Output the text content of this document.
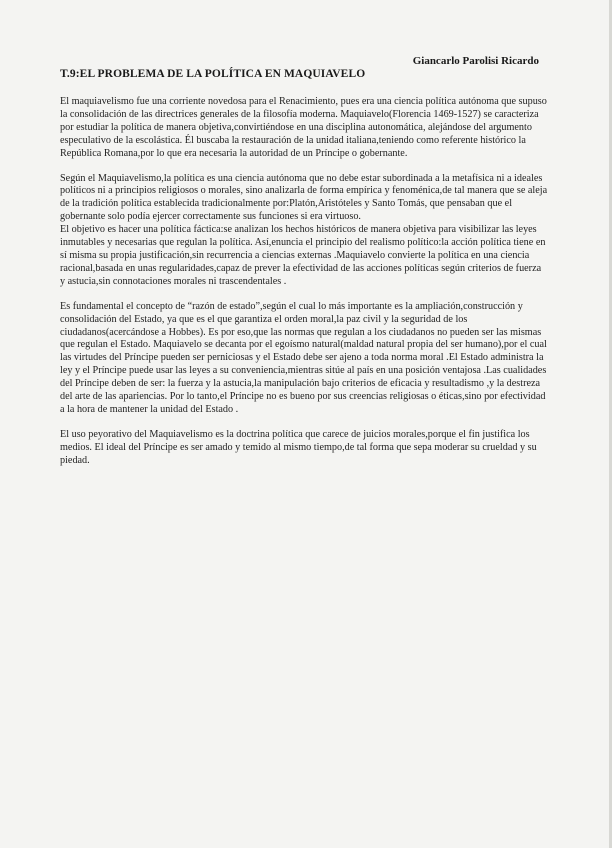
Giancarlo Parolisi Ricardo
T.9:EL PROBLEMA DE LA POLÍTICA EN MAQUIAVELO

El maquiavelismo fue una corriente novedosa para el Renacimiento, pues era una ciencia política autónoma que supuso la consolidación de las directrices generales de la filosofía moderna. Maquiavelo(Florencia 1469-1527) se caracteriza por estudiar la política de manera objetiva,convirtiéndose en una disciplina autonomática, alejándose del argumento especulativo de la escolástica. Él buscaba la restauración de la unidad italiana,teniendo como referente histórico la República Romana,por lo que era necesaria la autoridad de un Príncipe o gobernante.

Según el Maquiavelismo,la política es una ciencia autónoma que no debe estar subordinada a la metafísica ni a ideales políticos ni a principios religiosos o morales, sino analizarla de forma empírica y fenoménica,de tal manera que se aleja de la tradición política establecida tradicionalmente por:Platón,Aristóteles y Santo Tomás, que pensaban que el gobernante solo podía ejercer correctamente sus funciones si era virtuoso.

El objetivo es hacer una política fáctica:se analizan los hechos históricos de manera objetiva para visibilizar las leyes inmutables y necesarias que regulan la política. Así,enuncia el principio del realismo político:la acción política tiene en sí misma su propia justificación,sin recurrencia a ciencias externas .Maquiavelo convierte la política en una ciencia racional,basada en unas regularidades,capaz de prever la efectividad de las acciones políticas según criterios de fuerza y astucia,sin connotaciones morales ni trascendentales .

Es fundamental el concepto de “razón de estado”,según el cual lo más importante es la ampliación,construcción y consolidación del Estado, ya que es el que garantiza el orden moral,la paz civil y la seguridad de los ciudadanos(acercándose a Hobbes). Es por eso,que las normas que regulan a los ciudadanos no pueden ser las mismas que regulan el Estado. Maquiavelo se decanta por el egoísmo natural(maldad natural propia del ser humano),por el cual las virtudes del Príncipe pueden ser perniciosas y el Estado debe ser ajeno a toda norma moral .El Estado administra la ley y el Príncipe puede usar las leyes a su conveniencia,mientras sitúe al país en una posición ventajosa .Las cualidades del Príncipe deben de ser: la fuerza y la astucia,la manipulación bajo criterios de eficacia y resultadismo ,y la destreza del arte de las apariencias. Por lo tanto,el Príncipe no es bueno por sus creencias religiosas o éticas,sino por efectividad a la hora de mantener la unidad del Estado .

El uso peyorativo del Maquiavelismo es la doctrina política que carece de juicios morales,porque el fin justifica los medios. El ideal del Príncipe es ser amado y temido al mismo tiempo,de tal forma que sepa moderar su crueldad y su piedad.
